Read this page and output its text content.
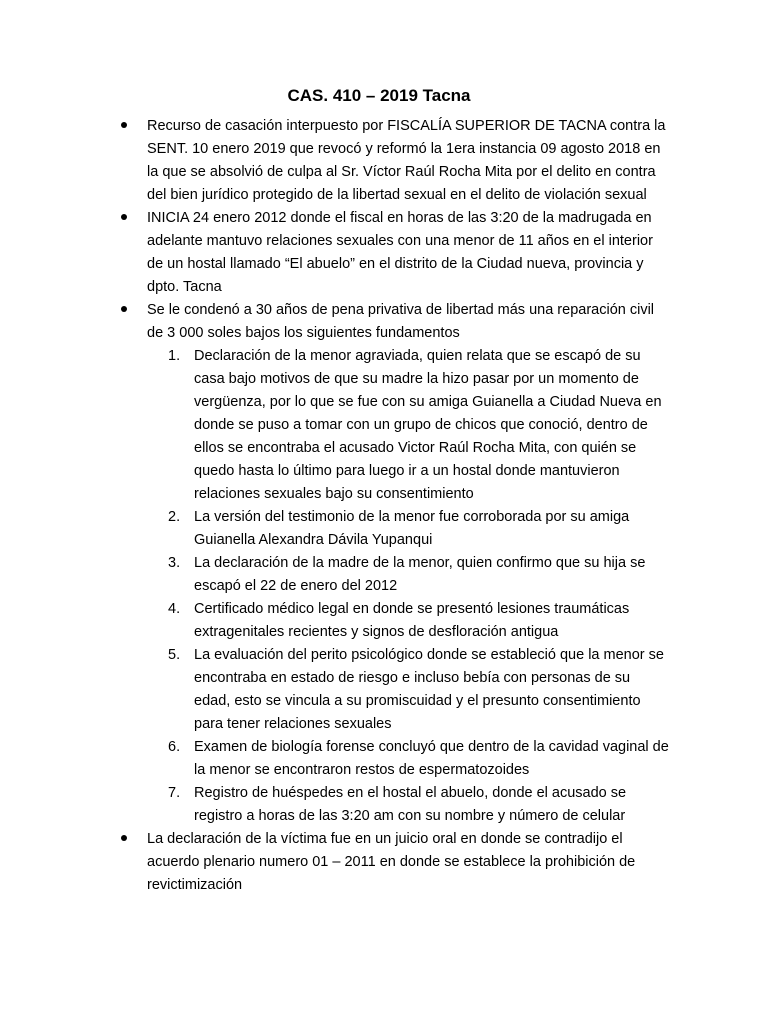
CAS. 410 – 2019 Tacna
Recurso de casación interpuesto por FISCALÍA SUPERIOR DE TACNA contra la SENT. 10 enero 2019 que revocó y reformó la 1era instancia 09 agosto 2018 en la que se absolvió de culpa al Sr. Víctor Raúl Rocha Mita por el delito en contra del bien jurídico protegido de la libertad sexual en el delito de violación sexual
INICIA 24 enero 2012 donde el fiscal en horas de las 3:20 de la madrugada en adelante mantuvo relaciones sexuales con una menor de 11 años en el interior de un hostal llamado “El abuelo” en el distrito de la Ciudad nueva, provincia y dpto. Tacna
Se le condenó a 30 años de pena privativa de libertad más una reparación civil de 3 000 soles bajos los siguientes fundamentos
1. Declaración de la menor agraviada, quien relata que se escapó de su casa bajo motivos de que su madre la hizo pasar por un momento de vergüenza, por lo que se fue con su amiga Guianella a Ciudad Nueva en donde se puso a tomar con un grupo de chicos que conoció, dentro de ellos se encontraba el acusado Victor Raúl Rocha Mita, con quién se quedo hasta lo último para luego ir a un hostal donde mantuvieron relaciones sexuales bajo su consentimiento
2. La versión del testimonio de la menor fue corroborada por su amiga Guianella Alexandra Dávila Yupanqui
3. La declaración de la madre de la menor, quien confirmo que su hija se escapó el 22 de enero del 2012
4. Certificado médico legal en donde se presentó lesiones traumáticas extragenitales recientes y signos de desfloración antigua
5. La evaluación del perito psicológico donde se estableció que la menor se encontraba en estado de riesgo e incluso bebía con personas de su edad, esto se vincula a su promiscuidad y el presunto consentimiento para tener relaciones sexuales
6. Examen de biología forense concluyó que dentro de la cavidad vaginal de la menor se encontraron restos de espermatozoides
7. Registro de huéspedes en el hostal el abuelo, donde el acusado se registro a horas de las 3:20 am con su nombre y número de celular
La declaración de la víctima fue en un juicio oral en donde se contradijo el acuerdo plenario numero 01 – 2011 en donde se establece la prohibición de revictimización
